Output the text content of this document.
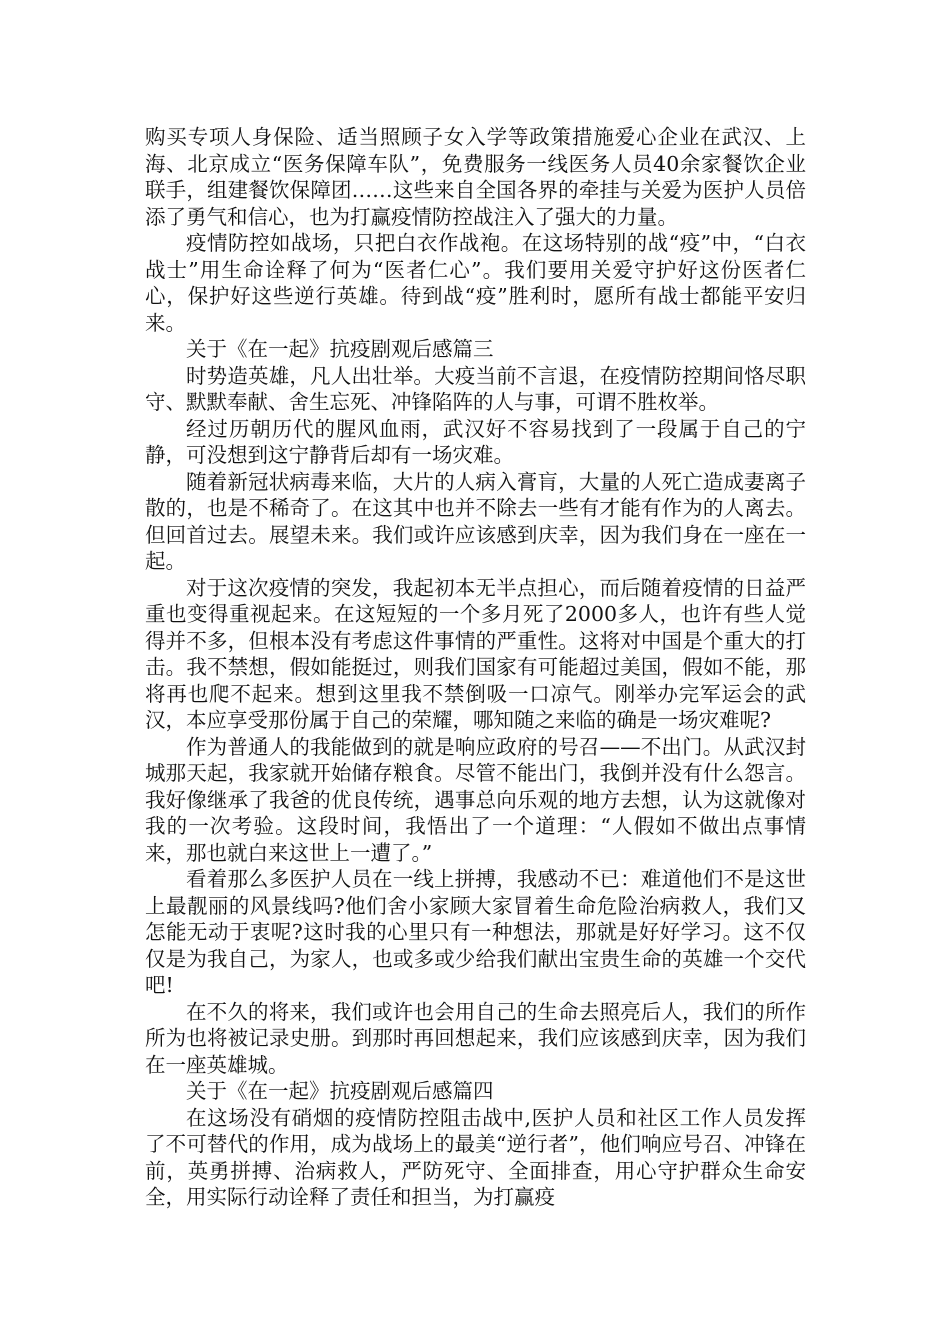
购买专项人身保险、适当照顾子女入学等政策措施爱心企业在武汉、上海、北京成立“医务保障车队”，免费服务一线医务人员40余家餐饮企业联手，组建餐饮保障团……这些来自全国各界的牵挂与关爱为医护人员倍添了勇气和信心，也为打赢疫情防控战注入了强大的力量。

疫情防控如战场，只把白衣作战袍。在这场特别的战“疫”中，“白衣战士”用生命诠释了何为“医者仁心”。我们要用关爱守护好这份医者仁心，保护好这些逆行英雄。待到战“疫”胜利时，愿所有战士都能平安归来。

关于《在一起》抗疫剧观后感篇三

时势造英雄，凡人出壮举。大疫当前不言退，在疫情防控期间恪尽职守、默默奉献、舍生忘死、冲锋陷阵的人与事，可谓不胜枚举。

经过历朝历代的腥风血雨，武汉好不容易找到了一段属于自己的宁静，可没想到这宁静背后却有一场灾难。

随着新冠状病毒来临，大片的人病入膏肓，大量的人死亡造成妻离子散的，也是不稀奇了。在这其中也并不除去一些有才能有作为的人离去。但回首过去。展望未来。我们或许应该感到庆幸，因为我们身在一座在一起。

对于这次疫情的突发，我起初本无半点担心，而后随着疫情的日益严重也变得重视起来。在这短短的一个多月死了2000多人，也许有些人觉得并不多，但根本没有考虑这件事情的严重性。这将对中国是个重大的打击。我不禁想，假如能挺过，则我们国家有可能超过美国，假如不能，那将再也爬不起来。想到这里我不禁倒吸一口凉气。刚举办完军运会的武汉，本应享受那份属于自己的荣耀，哪知随之来临的确是一场灾难呢?

作为普通人的我能做到的就是响应政府的号召——不出门。从武汉封城那天起，我家就开始储存粮食。尽管不能出门，我倒并没有什么怨言。我好像继承了我爸的优良传统，遇事总向乐观的地方去想，认为这就像对我的一次考验。这段时间，我悟出了一个道理：“人假如不做出点事情来，那也就白来这世上一遭了。”

看着那么多医护人员在一线上拼搏，我感动不已：难道他们不是这世上最靓丽的风景线吗?他们舍小家顾大家冒着生命危险治病救人，我们又怎能无动于衷呢?这时我的心里只有一种想法，那就是好好学习。这不仅仅是为我自己，为家人，也或多或少给我们献出宝贵生命的英雄一个交代吧!

在不久的将来，我们或许也会用自己的生命去照亮后人，我们的所作所为也将被记录史册。到那时再回想起来，我们应该感到庆幸，因为我们在一座英雄城。

关于《在一起》抗疫剧观后感篇四

在这场没有硝烟的疫情防控阻击战中,医护人员和社区工作人员发挥了不可替代的作用，成为战场上的最美“逆行者”，他们响应号召、冲锋在前，英勇拼搏、治病救人，严防死守、全面排查，用心守护群众生命安全，用实际行动诠释了责任和担当，为打赢疫
